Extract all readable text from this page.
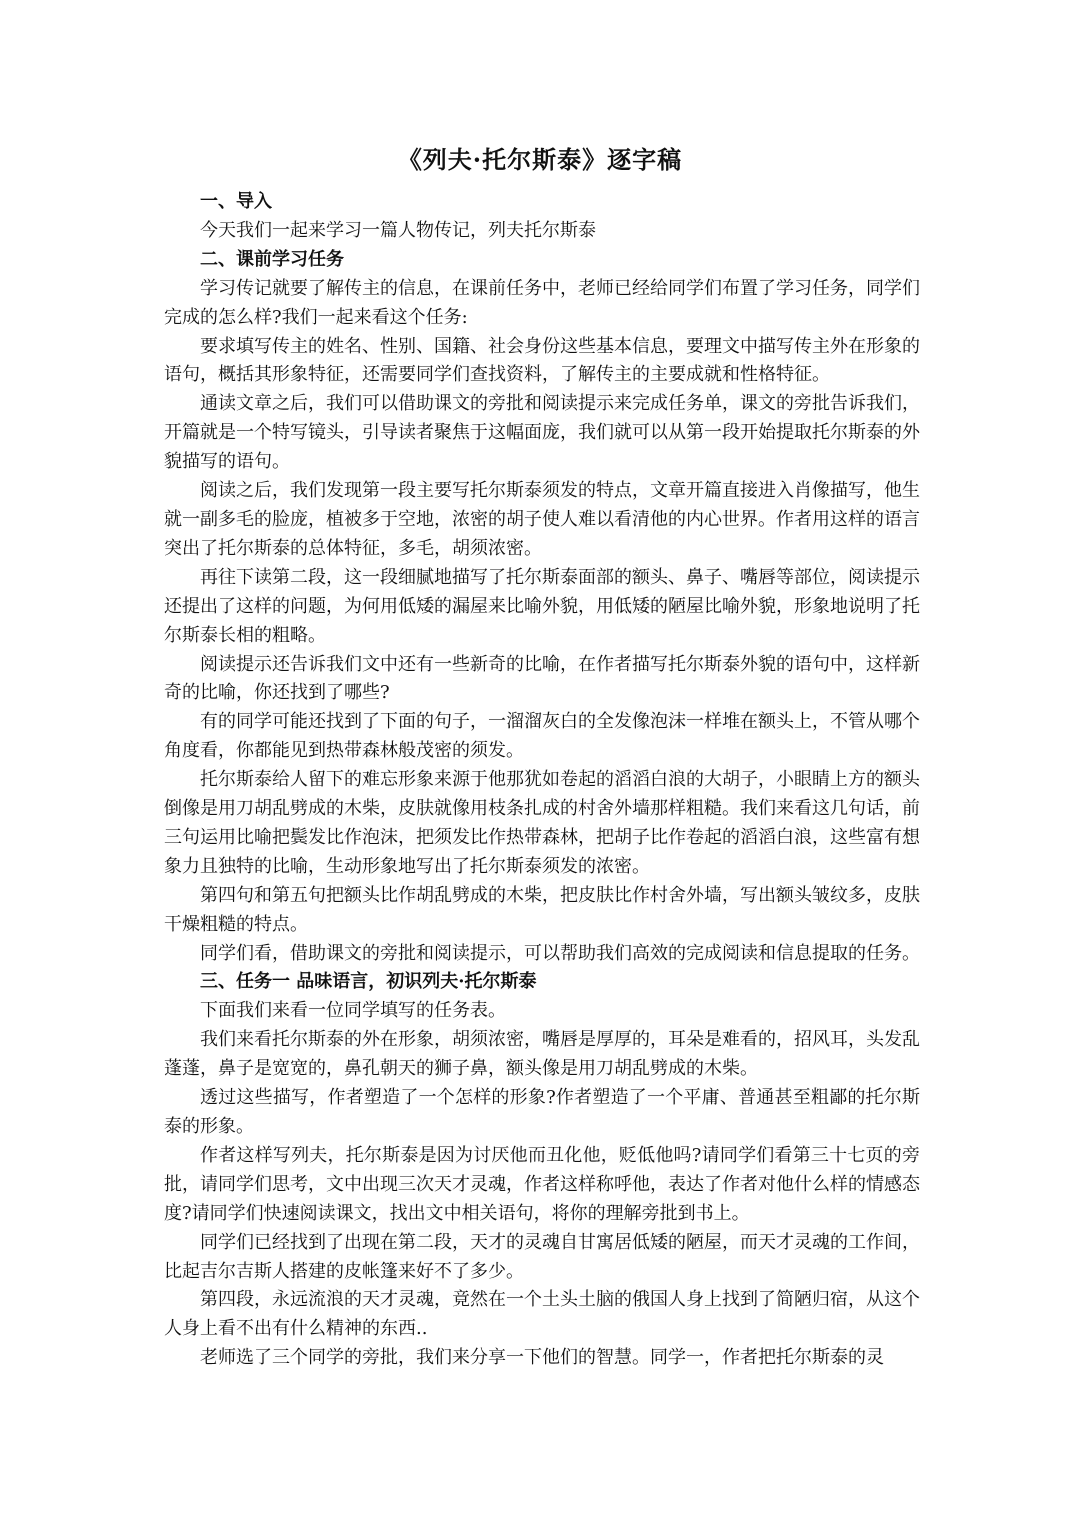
《列夫·托尔斯泰》逐字稿

一、导入

今天我们一起来学习一篇人物传记，列夫托尔斯泰

二、课前学习任务

学习传记就要了解传主的信息，在课前任务中，老师已经给同学们布置了学习任务，同学们完成的怎么样?我们一起来看这个任务:

要求填写传主的姓名、性别、国籍、社会身份这些基本信息，要理文中描写传主外在形象的语句，概括其形象特征，还需要同学们查找资料，了解传主的主要成就和性格特征。

通读文章之后，我们可以借助课文的旁批和阅读提示来完成任务单，课文的旁批告诉我们，开篇就是一个特写镜头，引导读者聚焦于这幅面庞，我们就可以从第一段开始提取托尔斯泰的外貌描写的语句。

阅读之后，我们发现第一段主要写托尔斯泰须发的特点，文章开篇直接进入肖像描写，他生就一副多毛的脸庞，植被多于空地，浓密的胡子使人难以看清他的内心世界。作者用这样的语言突出了托尔斯泰的总体特征，多毛，胡须浓密。

再往下读第二段，这一段细腻地描写了托尔斯泰面部的额头、鼻子、嘴唇等部位，阅读提示还提出了这样的问题，为何用低矮的漏屋来比喻外貌，用低矮的陋屋比喻外貌，形象地说明了托尔斯泰长相的粗略。

阅读提示还告诉我们文中还有一些新奇的比喻，在作者描写托尔斯泰外貌的语句中，这样新奇的比喻，你还找到了哪些?

有的同学可能还找到了下面的句子，一溜溜灰白的全发像泡沫一样堆在额头上，不管从哪个角度看，你都能见到热带森林般茂密的须发。

托尔斯泰给人留下的难忘形象来源于他那犹如卷起的滔滔白浪的大胡子，小眼睛上方的额头倒像是用刀胡乱劈成的木柴，皮肤就像用枝条扎成的村舍外墙那样粗糙。我们来看这几句话，前三句运用比喻把鬓发比作泡沫，把须发比作热带森林，把胡子比作卷起的滔滔白浪，这些富有想象力且独特的比喻，生动形象地写出了托尔斯泰须发的浓密。

第四句和第五句把额头比作胡乱劈成的木柴，把皮肤比作村舍外墙，写出额头皱纹多，皮肤干燥粗糙的特点。

同学们看，借助课文的旁批和阅读提示，可以帮助我们高效的完成阅读和信息提取的任务。

三、任务一 品味语言，初识列夫·托尔斯泰

下面我们来看一位同学填写的任务表。

我们来看托尔斯泰的外在形象，胡须浓密，嘴唇是厚厚的，耳朵是难看的，招风耳，头发乱蓬蓬，鼻子是宽宽的，鼻孔朝天的狮子鼻，额头像是用刀胡乱劈成的木柴。

透过这些描写，作者塑造了一个怎样的形象?作者塑造了一个平庸、普通甚至粗鄙的托尔斯泰的形象。

作者这样写列夫，托尔斯泰是因为讨厌他而丑化他，贬低他吗?请同学们看第三十七页的旁批，请同学们思考，文中出现三次天才灵魂，作者这样称呼他，表达了作者对他什么样的情感态度?请同学们快速阅读课文，找出文中相关语句，将你的理解旁批到书上。

同学们已经找到了出现在第二段，天才的灵魂自甘寓居低矮的陋屋，而天才灵魂的工作间，比起吉尔吉斯人搭建的皮帐篷来好不了多少。

第四段，永远流浪的天才灵魂，竟然在一个土头土脑的俄国人身上找到了简陋归宿，从这个人身上看不出有什么精神的东西..

老师选了三个同学的旁批，我们来分享一下他们的智慧。同学一，作者把托尔斯泰的灵
